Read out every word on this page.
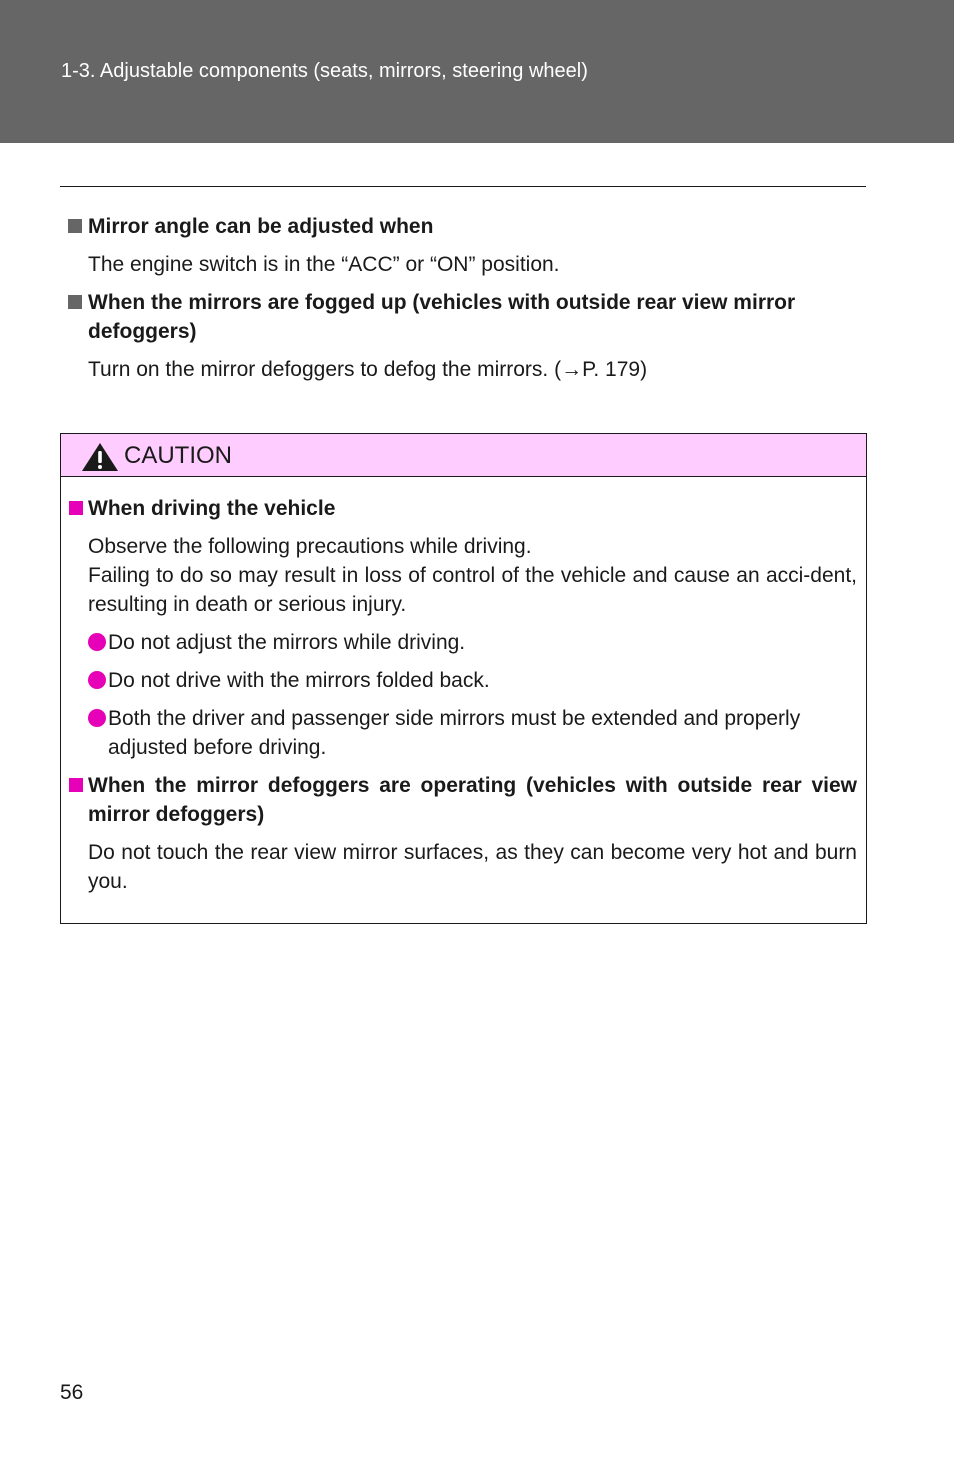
1-3. Adjustable components (seats, mirrors, steering wheel)
Mirror angle can be adjusted when
The engine switch is in the “ACC” or “ON” position.
When the mirrors are fogged up (vehicles with outside rear view mirror defoggers)
Turn on the mirror defoggers to defog the mirrors. (→P. 179)
CAUTION
When driving the vehicle
Observe the following precautions while driving.
Failing to do so may result in loss of control of the vehicle and cause an acci-dent, resulting in death or serious injury.
Do not adjust the mirrors while driving.
Do not drive with the mirrors folded back.
Both the driver and passenger side mirrors must be extended and properly adjusted before driving.
When the mirror defoggers are operating (vehicles with outside rear view mirror defoggers)
Do not touch the rear view mirror surfaces, as they can become very hot and burn you.
56
